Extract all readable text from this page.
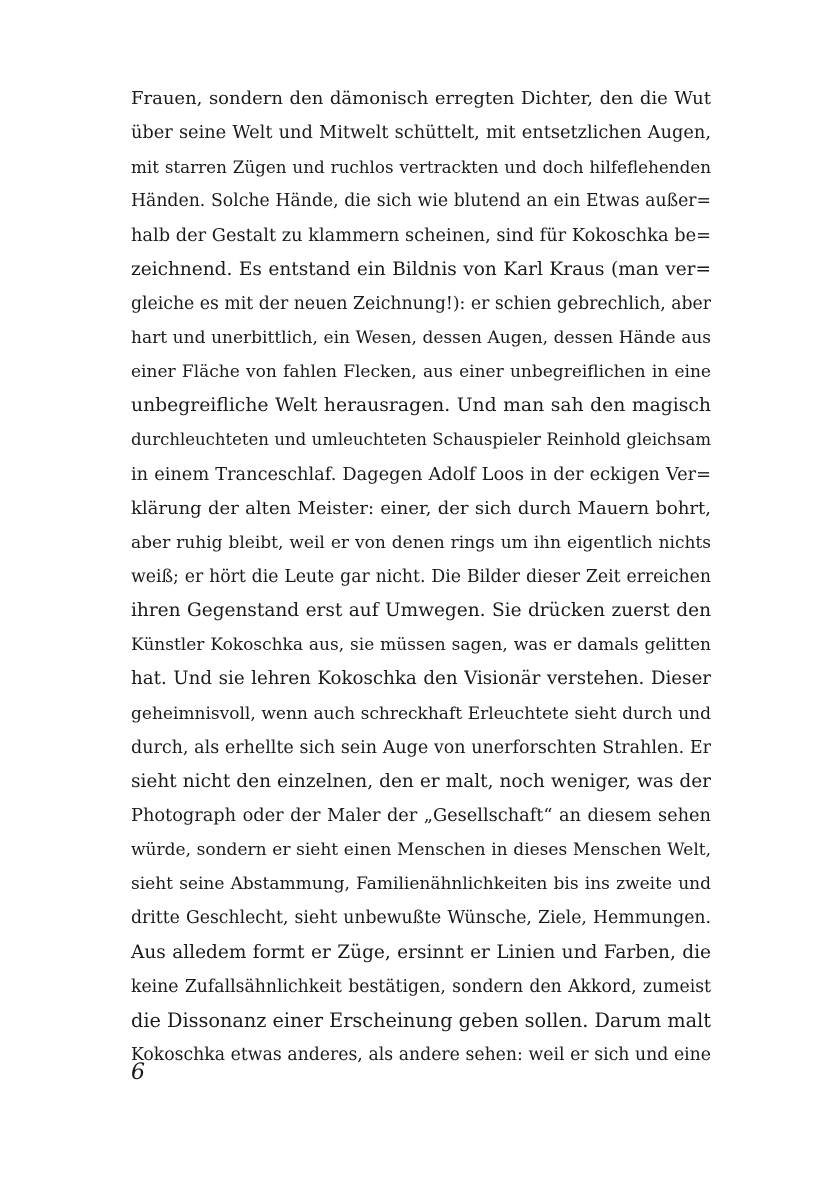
Frauen, sondern den dämonisch erregten Dichter, den die Wut
über seine Welt und Mitwelt schüttelt, mit entsetzlichen Augen,
mit starren Zügen und ruchlos vertrackten und doch hilfeflehenden
Händen. Solche Hände, die sich wie blutend an ein Etwas außer=
halb der Gestalt zu klammern scheinen, sind für Kokoschka be=
zeichnend. Es entstand ein Bildnis von Karl Kraus (man ver=
gleiche es mit der neuen Zeichnung!): er schien gebrechlich, aber
hart und unerbittlich, ein Wesen, dessen Augen, dessen Hände aus
einer Fläche von fahlen Flecken, aus einer unbegreiflichen in eine
unbegreifliche Welt herausragen. Und man sah den magisch
durchleuchteten und umleuchteten Schauspieler Reinhold gleichsam
in einem Tranceschlaf. Dagegen Adolf Loos in der eckigen Ver=
klärung der alten Meister: einer, der sich durch Mauern bohrt,
aber ruhig bleibt, weil er von denen rings um ihn eigentlich nichts
weiß; er hört die Leute gar nicht. Die Bilder dieser Zeit erreichen
ihren Gegenstand erst auf Umwegen. Sie drücken zuerst den
Künstler Kokoschka aus, sie müssen sagen, was er damals gelitten
hat. Und sie lehren Kokoschka den Visionär verstehen. Dieser
geheimnisvoll, wenn auch schreckhaft Erleuchtete sieht durch und
durch, als erhellte sich sein Auge von unerforschten Strahlen. Er
sieht nicht den einzelnen, den er malt, noch weniger, was der
Photograph oder der Maler der „Gesellschaft“ an diesem sehen
würde, sondern er sieht einen Menschen in dieses Menschen Welt,
sieht seine Abstammung, Familienähnlichkeiten bis ins zweite und
dritte Geschlecht, sieht unbewußte Wünsche, Ziele, Hemmungen.
Aus alledem formt er Züge, ersinnt er Linien und Farben, die
keine Zufallsähnlichkeit bestätigen, sondern den Akkord, zumeist
die Dissonanz einer Erscheinung geben sollen. Darum malt
Kokoschka etwas anderes, als andere sehen: weil er sich und eine
6
